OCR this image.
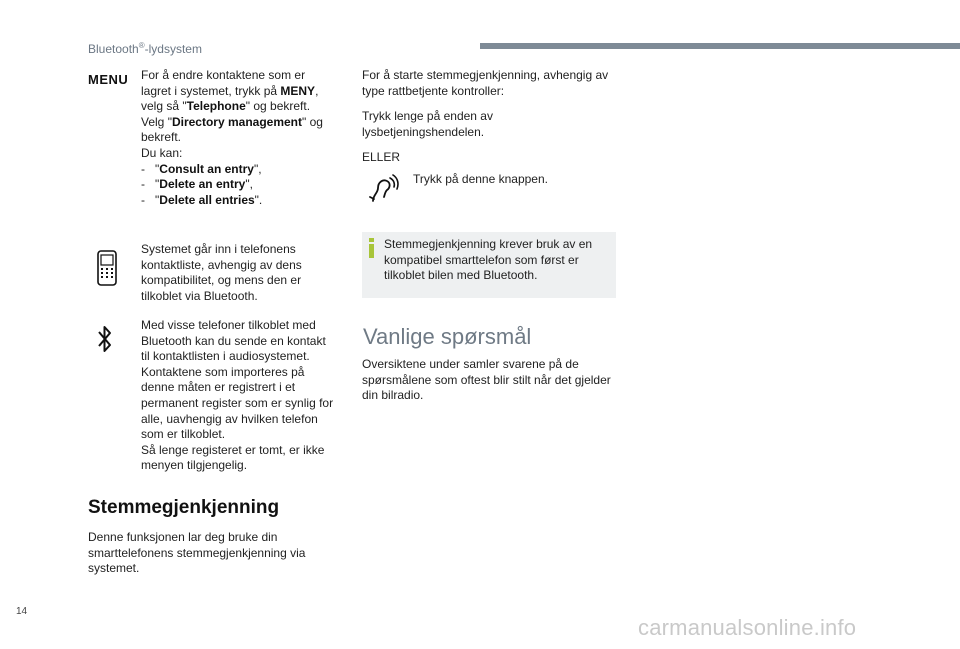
Bluetooth®-lydsystem
MENU For å endre kontaktene som er
lagret i systemet, trykk på MENY,
velg så "Telephone" og bekreft.
Velg "Directory management" og
bekreft.
Du kan:
- "Consult an entry",
- "Delete an entry",
- "Delete all entries".
Systemet går inn i telefonens
kontaktliste, avhengig av dens
kompatibilitet, og mens den er
tilkoblet via Bluetooth.
Med visse telefoner tilkoblet med
Bluetooth kan du sende en kontakt
til kontaktlisten i audiosystemet.
Kontaktene som importeres på
denne måten er registrert i et
permanent register som er synlig for
alle, uavhengig av hvilken telefon
som er tilkoblet.
Så lenge registeret er tomt, er ikke
menyen tilgjengelig.
Stemmegjenkjenning
Denne funksjonen lar deg bruke din
smarttelefonens stemmegjenkjenning via
systemet.
For å starte stemmegjenkjenning, avhengig av
type rattbetjente kontroller:
Trykk lenge på enden av
lysbetjeningshendelen.
ELLER
Trykk på denne knappen.
Stemmegjenkjenning krever bruk av en
kompatibel smarttelefon som først er
tilkoblet bilen med Bluetooth.
Vanlige spørsmål
Oversiktene under samler svarene på de
spørsmålene som oftest blir stilt når det gjelder
din bilradio.
14
carmanualsonline.info
